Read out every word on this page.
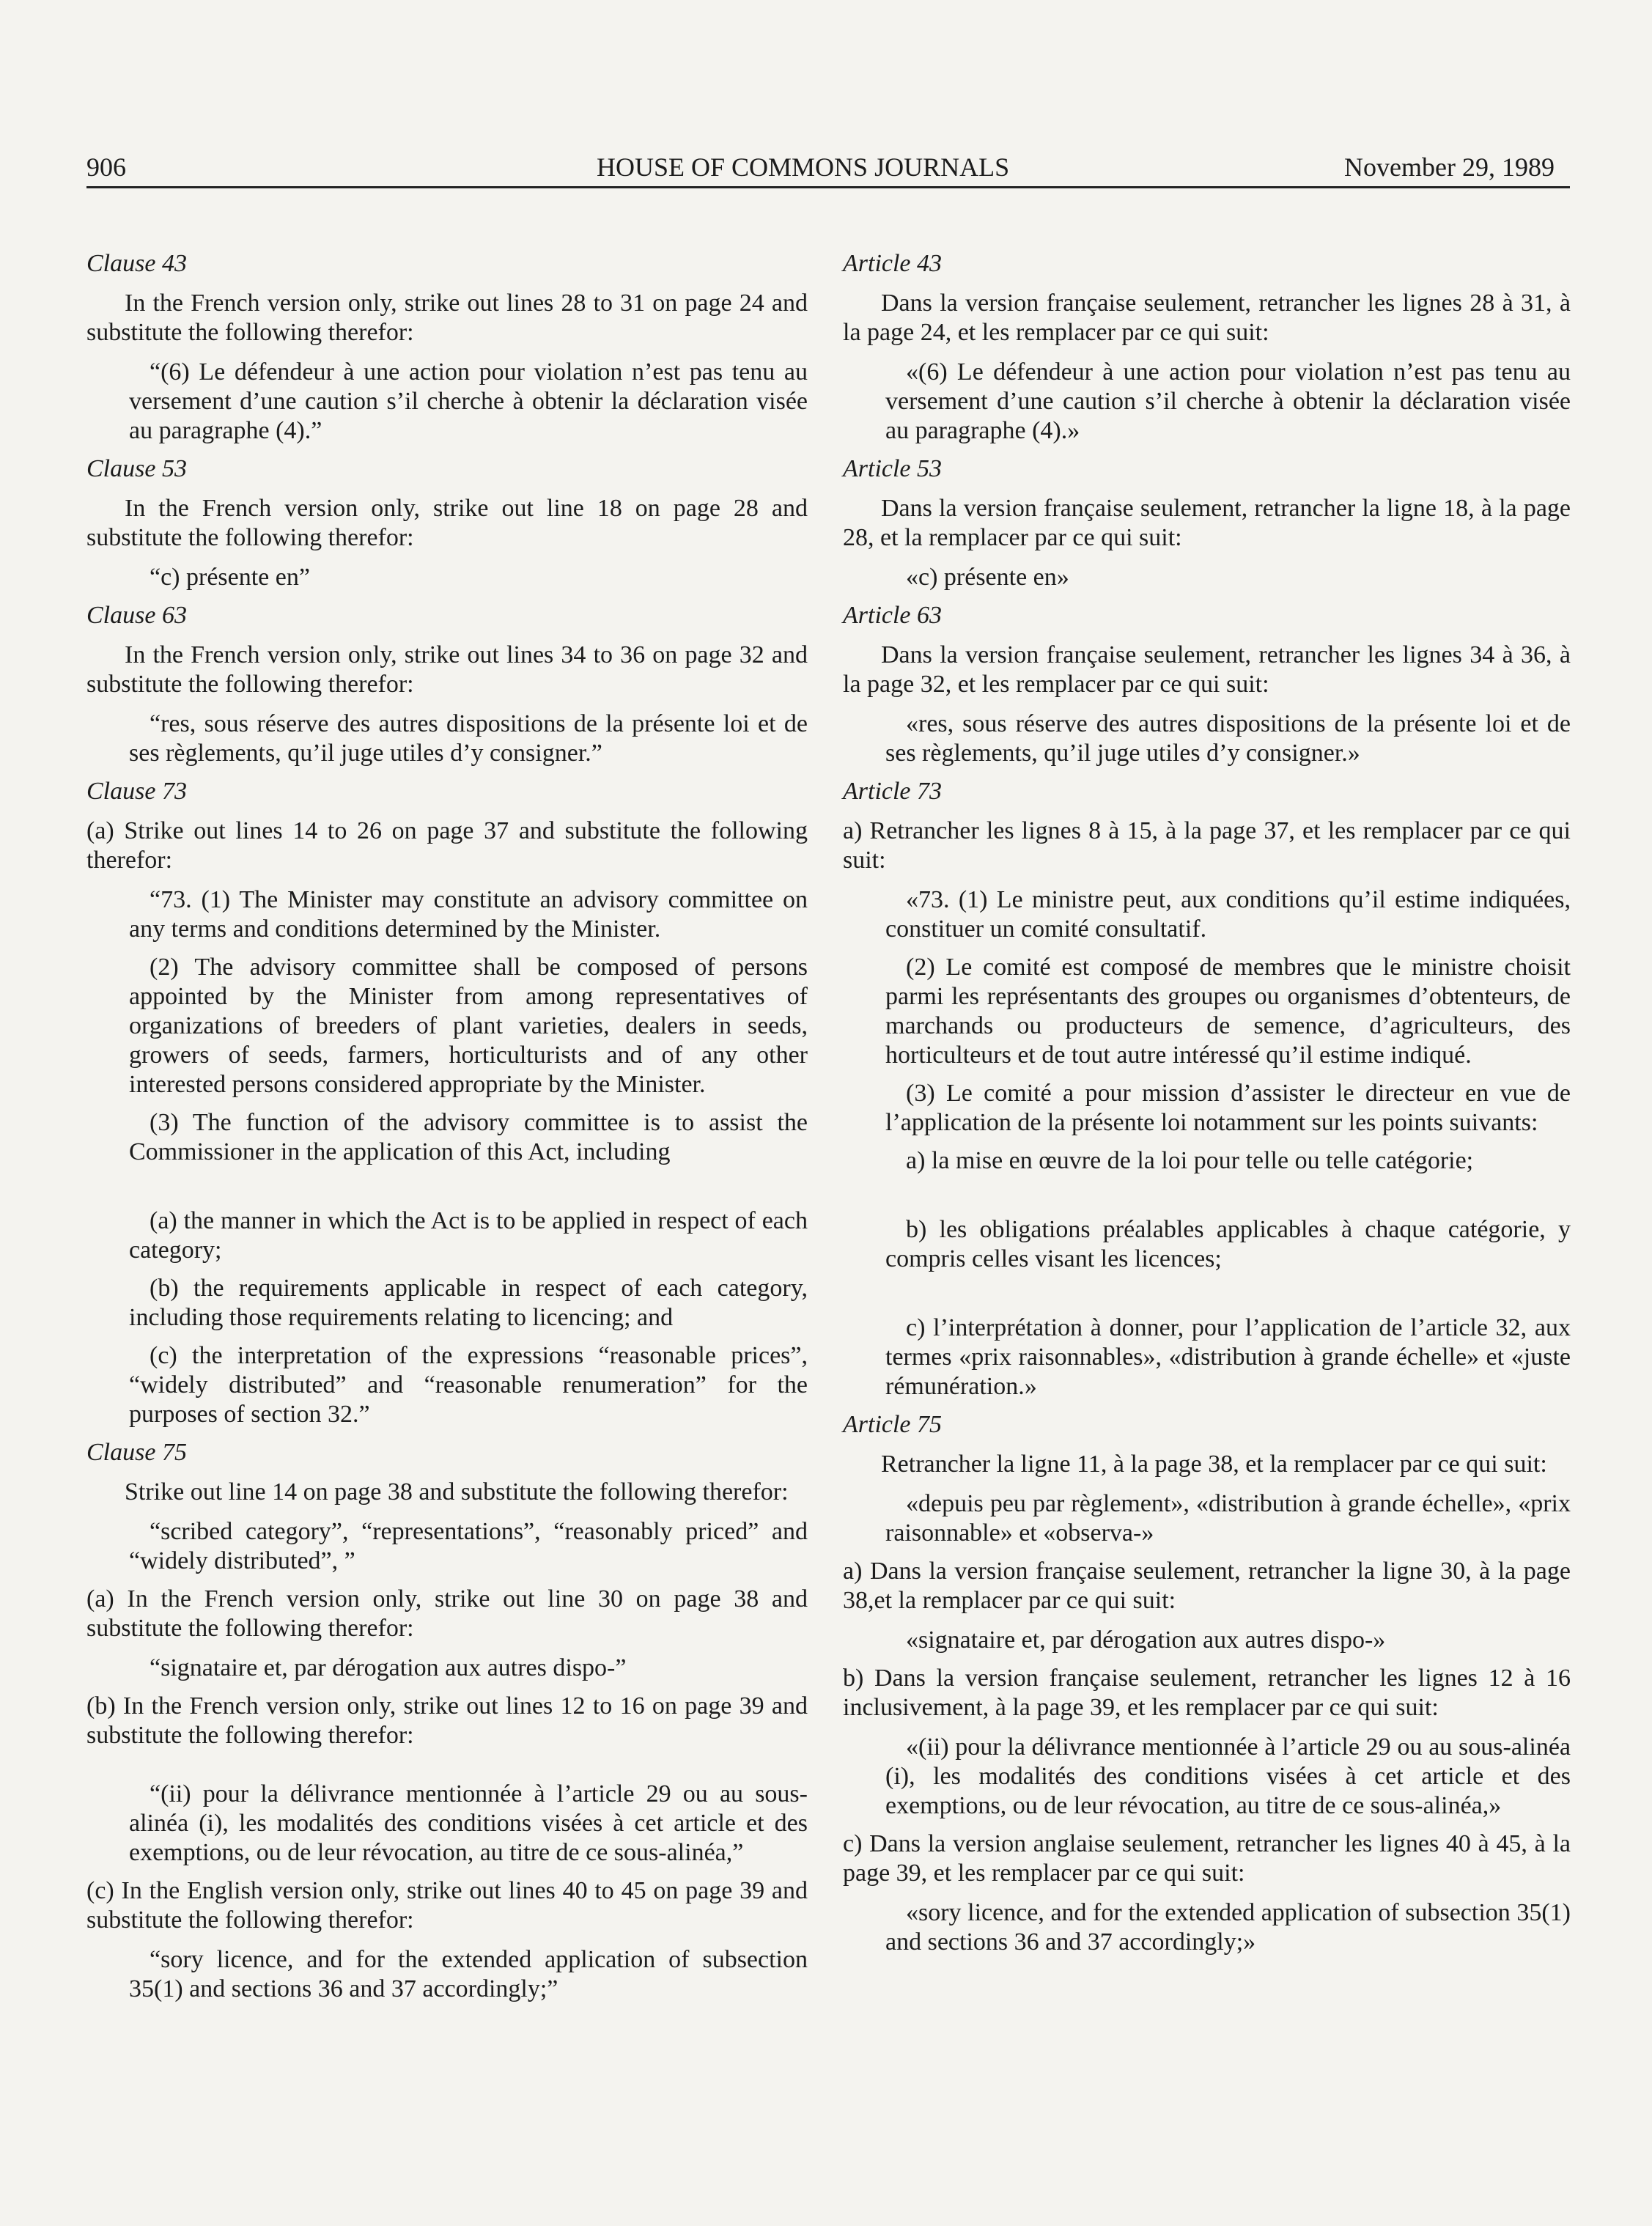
906	HOUSE OF COMMONS JOURNALS	November 29, 1989
Clause 43
In the French version only, strike out lines 28 to 31 on page 24 and substitute the following therefor:
“(6) Le défendeur à une action pour violation n’est pas tenu au versement d’une caution s’il cherche à obtenir la déclaration visée au paragraphe (4).”
Clause 53
In the French version only, strike out line 18 on page 28 and substitute the following therefor:
“c) présente en”
Clause 63
In the French version only, strike out lines 34 to 36 on page 32 and substitute the following therefor:
“res, sous réserve des autres dispositions de la présente loi et de ses règlements, qu’il juge utiles d’y consigner.”
Clause 73
(a) Strike out lines 14 to 26 on page 37 and substitute the following therefor:
“73. (1) The Minister may constitute an advisory committee on any terms and conditions determined by the Minister.
(2) The advisory committee shall be composed of persons appointed by the Minister from among representatives of organizations of breeders of plant varieties, dealers in seeds, growers of seeds, farmers, horticulturists and of any other interested persons considered appropriate by the Minister.
(3) The function of the advisory committee is to assist the Commissioner in the application of this Act, including
(a) the manner in which the Act is to be applied in respect of each category;
(b) the requirements applicable in respect of each category, including those requirements relating to licencing; and
(c) the interpretation of the expressions “reasonable prices”, “widely distributed” and “reasonable renumeration” for the purposes of section 32.”
Clause 75
Strike out line 14 on page 38 and substitute the following therefor:
“scribed category”, “representations”, “reasonably priced” and “widely distributed”, ”
(a) In the French version only, strike out line 30 on page 38 and substitute the following therefor:
“signataire et, par dérogation aux autres dispo-”
(b) In the French version only, strike out lines 12 to 16 on page 39 and substitute the following therefor:
“(ii) pour la délivrance mentionnée à l’article 29 ou au sous-alinéa (i), les modalités des conditions visées à cet article et des exemptions, ou de leur révocation, au titre de ce sous-alinéa,”
(c) In the English version only, strike out lines 40 to 45 on page 39 and substitute the following therefor:
“sory licence, and for the extended application of subsection 35(1) and sections 36 and 37 accordingly;”
Article 43
Dans la version française seulement, retrancher les lignes 28 à 31, à la page 24, et les remplacer par ce qui suit:
«(6) Le défendeur à une action pour violation n’est pas tenu au versement d’une caution s’il cherche à obtenir la déclaration visée au paragraphe (4).»
Article 53
Dans la version française seulement, retrancher la ligne 18, à la page 28, et la remplacer par ce qui suit:
«c) présente en»
Article 63
Dans la version française seulement, retrancher les lignes 34 à 36, à la page 32, et les remplacer par ce qui suit:
«res, sous réserve des autres dispositions de la présente loi et de ses règlements, qu’il juge utiles d’y consigner.»
Article 73
a) Retrancher les lignes 8 à 15, à la page 37, et les remplacer par ce qui suit:
«73. (1) Le ministre peut, aux conditions qu’il estime indiquées, constituer un comité consultatif.
(2) Le comité est composé de membres que le ministre choisit parmi les représentants des groupes ou organismes d’obtenteurs, de marchands ou producteurs de semence, d’agriculteurs, des horticulteurs et de tout autre intéressé qu’il estime indiqué.
(3) Le comité a pour mission d’assister le directeur en vue de l’application de la présente loi notamment sur les points suivants:
a) la mise en œuvre de la loi pour telle ou telle catégorie;
b) les obligations préalables applicables à chaque catégorie, y compris celles visant les licences;
c) l’interprétation à donner, pour l’application de l’article 32, aux termes «prix raisonnables», «distribution à grande échelle» et «juste rémunération.»
Article 75
Retrancher la ligne 11, à la page 38, et la remplacer par ce qui suit:
«depuis peu par règlement», «distribution à grande échelle», «prix raisonnable» et «observa-»
a) Dans la version française seulement, retrancher la ligne 30, à la page 38,et la remplacer par ce qui suit:
«signataire et, par dérogation aux autres dispo-»
b) Dans la version française seulement, retrancher les lignes 12 à 16 inclusivement, à la page 39, et les remplacer par ce qui suit:
«(ii) pour la délivrance mentionnée à l’article 29 ou au sous-alinéa (i), les modalités des conditions visées à cet article et des exemptions, ou de leur révocation, au titre de ce sous-alinéa,»
c) Dans la version anglaise seulement, retrancher les lignes 40 à 45, à la page 39, et les remplacer par ce qui suit:
«sory licence, and for the extended application of subsection 35(1) and sections 36 and 37 accordingly;»
